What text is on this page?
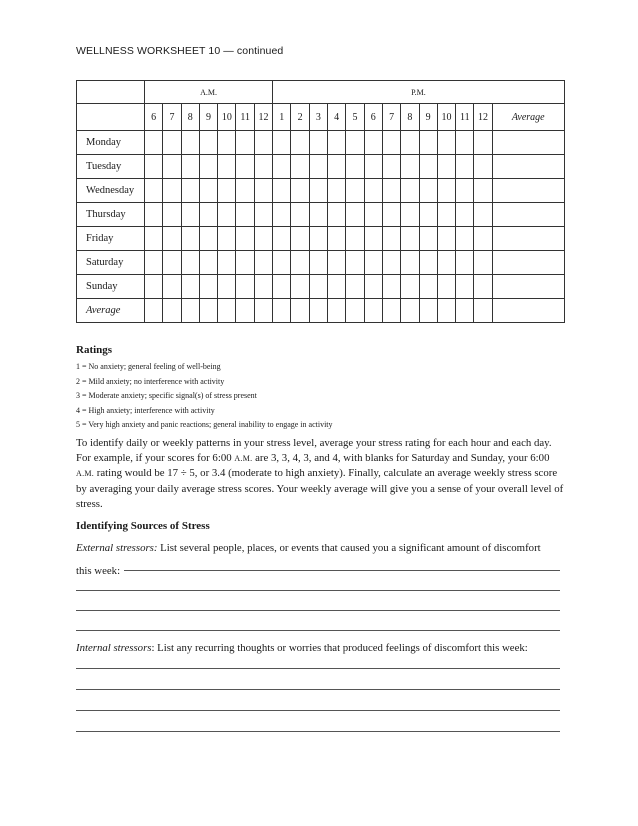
WELLNESS WORKSHEET 10 — continued
	A.M.							P.M.												
	6	7	8	9	10	11	12	1	2	3	4	5	6	7	8	9	10	11	12	Average
Monday																				
Tuesday																				
Wednesday																				
Thursday																				
Friday																				
Saturday																				
Sunday																				
Average																				
Ratings
1 = No anxiety; general feeling of well-being
2 = Mild anxiety; no interference with activity
3 = Moderate anxiety; specific signal(s) of stress present
4 = High anxiety; interference with activity
5 = Very high anxiety and panic reactions; general inability to engage in activity
To identify daily or weekly patterns in your stress level, average your stress rating for each hour and each day. For example, if your scores for 6:00 A.M. are 3, 3, 4, 3, and 4, with blanks for Saturday and Sunday, your 6:00 A.M. rating would be 17 ÷ 5, or 3.4 (moderate to high anxiety). Finally, calculate an average weekly stress score by averaging your daily average stress scores. Your weekly average will give you a sense of your overall level of stress.
Identifying Sources of Stress
External stressors: List several people, places, or events that caused you a significant amount of discomfort
this week:
Internal stressors: List any recurring thoughts or worries that produced feelings of discomfort this week:
